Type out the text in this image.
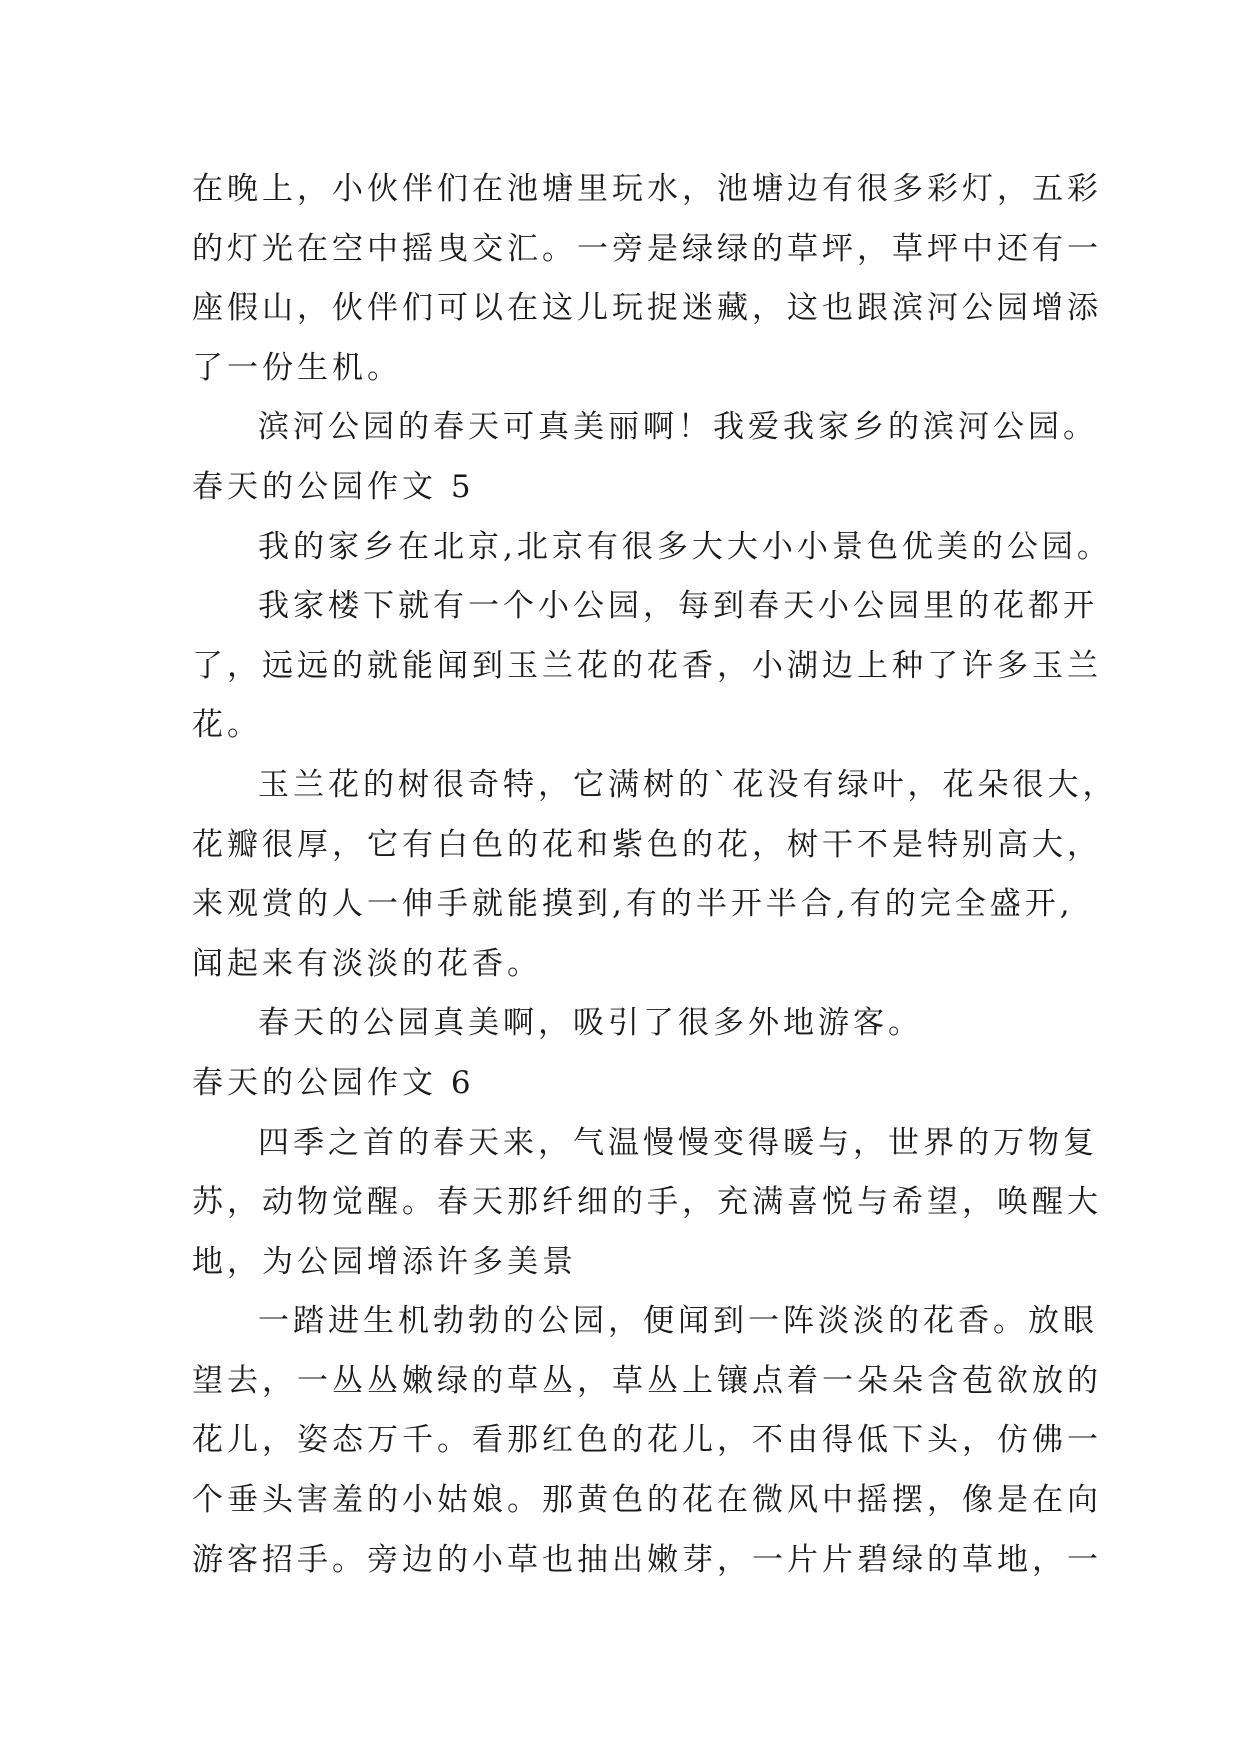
在晚上，小伙伴们在池塘里玩水，池塘边有很多彩灯，五彩
的灯光在空中摇曳交汇。一旁是绿绿的草坪，草坪中还有一
座假山，伙伴们可以在这儿玩捉迷藏，这也跟滨河公园增添
了一份生机。
滨河公园的春天可真美丽啊！我爱我家乡的滨河公园。
春天的公园作文 5
我的家乡在北京,北京有很多大大小小景色优美的公园。
我家楼下就有一个小公园，每到春天小公园里的花都开
了，远远的就能闻到玉兰花的花香，小湖边上种了许多玉兰
花。
玉兰花的树很奇特，它满树的`花没有绿叶，花朵很大，
花瓣很厚，它有白色的花和紫色的花，树干不是特别高大，
来观赏的人一伸手就能摸到,有的半开半合,有的完全盛开,
闻起来有淡淡的花香。
春天的公园真美啊，吸引了很多外地游客。
春天的公园作文 6
四季之首的春天来，气温慢慢变得暖与，世界的万物复
苏，动物觉醒。春天那纤细的手，充满喜悦与希望，唤醒大
地，为公园增添许多美景
一踏进生机勃勃的公园，便闻到一阵淡淡的花香。放眼
望去，一丛丛嫩绿的草丛，草丛上镶点着一朵朵含苞欲放的
花儿，姿态万千。看那红色的花儿，不由得低下头，仿佛一
个垂头害羞的小姑娘。那黄色的花在微风中摇摆，像是在向
游客招手。旁边的小草也抽出嫩芽，一片片碧绿的草地，一
